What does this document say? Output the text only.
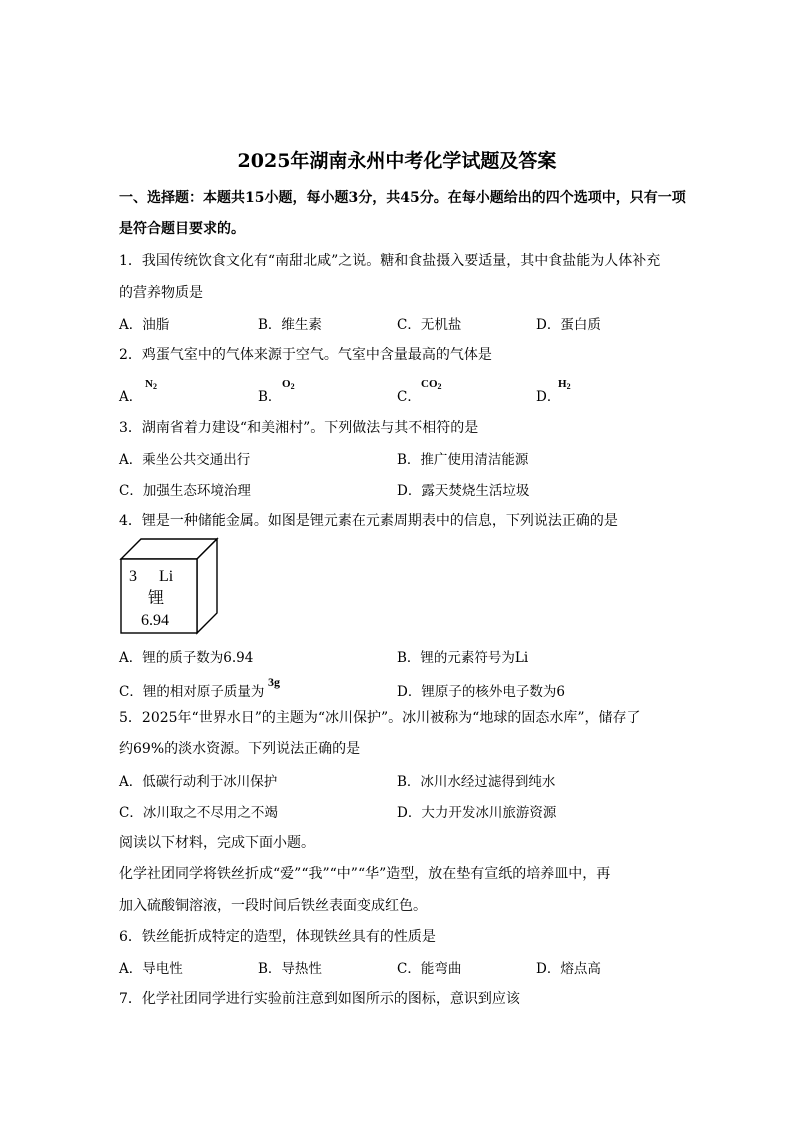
2025年湖南永州中考化学试题及答案
一、选择题：本题共15小题，每小题3分，共45分。在每小题给出的四个选项中，只有一项
是符合题目要求的。
1．我国传统饮食文化有“南甜北咸”之说。糖和食盐摄入要适量，其中食盐能为人体补充
的营养物质是
A．油脂	B．维生素	C．无机盐	D．蛋白质
2．鸡蛋气室中的气体来源于空气。气室中含量最高的气体是
A．
$N_2$
B．
$O_2$
C．
$CO_2$
D．
$H_2$
3．湖南省着力建设“和美湘村”。下列做法与其不相符的是
A．乘坐公共交通出行	B．推广使用清洁能源
C．加强生态环境治理	D．露天焚烧生活垃圾
4．锂是一种储能金属。如图是锂元素在元素周期表中的信息，下列说法正确的是
3 Li
锂
6.94
A．锂的质子数为6.94	B．锂的元素符号为Li
C．锂的相对原子质量为
3g
D．锂原子的核外电子数为6
5．2025年“世界水日”的主题为“冰川保护”。冰川被称为“地球的固态水库”，储存了
约69%的淡水资源。下列说法正确的是
A．低碳行动利于冰川保护	B．冰川水经过滤得到纯水
C．冰川取之不尽用之不竭	D．大力开发冰川旅游资源
阅读以下材料，完成下面小题。
化学社团同学将铁丝折成“爱”“我”“中”“华”造型，放在垫有宣纸的培养皿中，再
加入硫酸铜溶液，一段时间后铁丝表面变成红色。
6．铁丝能折成特定的造型，体现铁丝具有的性质是
A．导电性	B．导热性	C．能弯曲	D．熔点高
7．化学社团同学进行实验前注意到如图所示的图标，意识到应该
